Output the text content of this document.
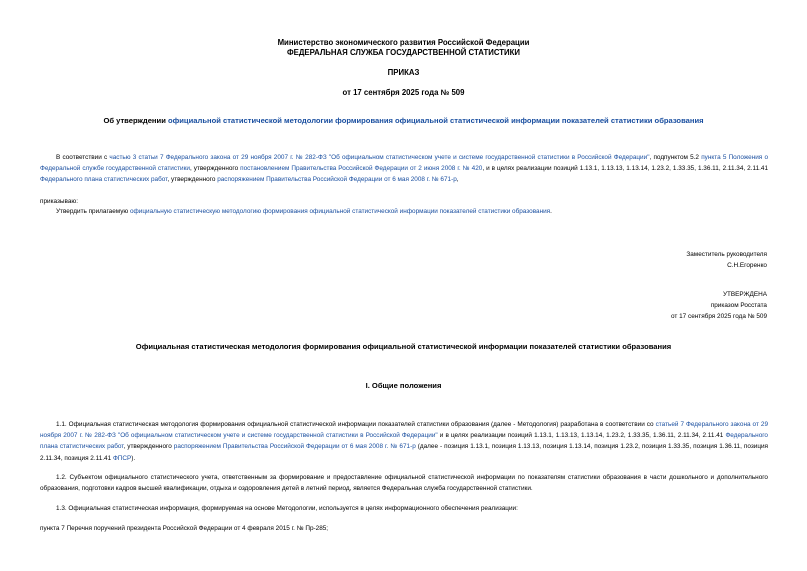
Министерство экономического развития Российской Федерации
ФЕДЕРАЛЬНАЯ СЛУЖБА ГОСУДАРСТВЕННОЙ СТАТИСТИКИ
ПРИКАЗ
от 17 сентября 2025 года № 509
Об утверждении официальной статистической методологии формирования официальной статистической информации показателей статистики образования
В соответствии с частью 3 статьи 7 Федерального закона от 29 ноября 2007 г. № 282-ФЗ "Об официальном статистическом учете и системе государственной статистики в Российской Федерации", подпунктом 5.2 пункта 5 Положения о Федеральной службе государственной статистики, утвержденного постановлением Правительства Российской Федерации от 2 июня 2008 г. № 420, и в целях реализации позиций 1.13.1, 1.13.13, 1.13.14, 1.23.2, 1.33.35, 1.36.11, 2.11.34, 2.11.41 Федерального плана статистических работ, утвержденного распоряжением Правительства Российской Федерации от 6 мая 2008 г. № 671-р,
приказываю:
Утвердить прилагаемую официальную статистическую методологию формирования официальной статистической информации показателей статистики образования.
Заместитель руководителя
С.Н.Егоренко
УТВЕРЖДЕНА
приказом Росстата
от 17 сентября 2025 года № 509
Официальная статистическая методология формирования официальной статистической информации показателей статистики образования
I. Общие положения
1.1. Официальная статистическая методология формирования официальной статистической информации показателей статистики образования (далее - Методология) разработана в соответствии со статьей 7 Федерального закона от 29 ноября 2007 г. № 282-ФЗ "Об официальном статистическом учете и системе государственной статистики в Российской Федерации" и в целях реализации позиций 1.13.1, 1.13.13, 1.13.14, 1.23.2, 1.33.35, 1.36.11, 2.11.34, 2.11.41 Федерального плана статистических работ, утвержденного распоряжением Правительства Российской Федерации от 6 мая 2008 г. № 671-р (далее - позиция 1.13.1, позиция 1.13.13, позиция 1.13.14, позиция 1.23.2, позиция 1.33.35, позиция 1.36.11, позиция 2.11.34, позиция 2.11.41 ФПСР).
1.2. Субъектом официального статистического учета, ответственным за формирование и предоставление официальной статистической информации по показателям статистики образования в части дошкольного и дополнительного образования, подготовки кадров высшей квалификации, отдыха и оздоровления детей в летний период, является Федеральная служба государственной статистики.
1.3. Официальная статистическая информация, формируемая на основе Методологии, используется в целях информационного обеспечения реализации:
пункта 7 Перечня поручений президента Российской Федерации от 4 февраля 2015 г. № Пр-285;
